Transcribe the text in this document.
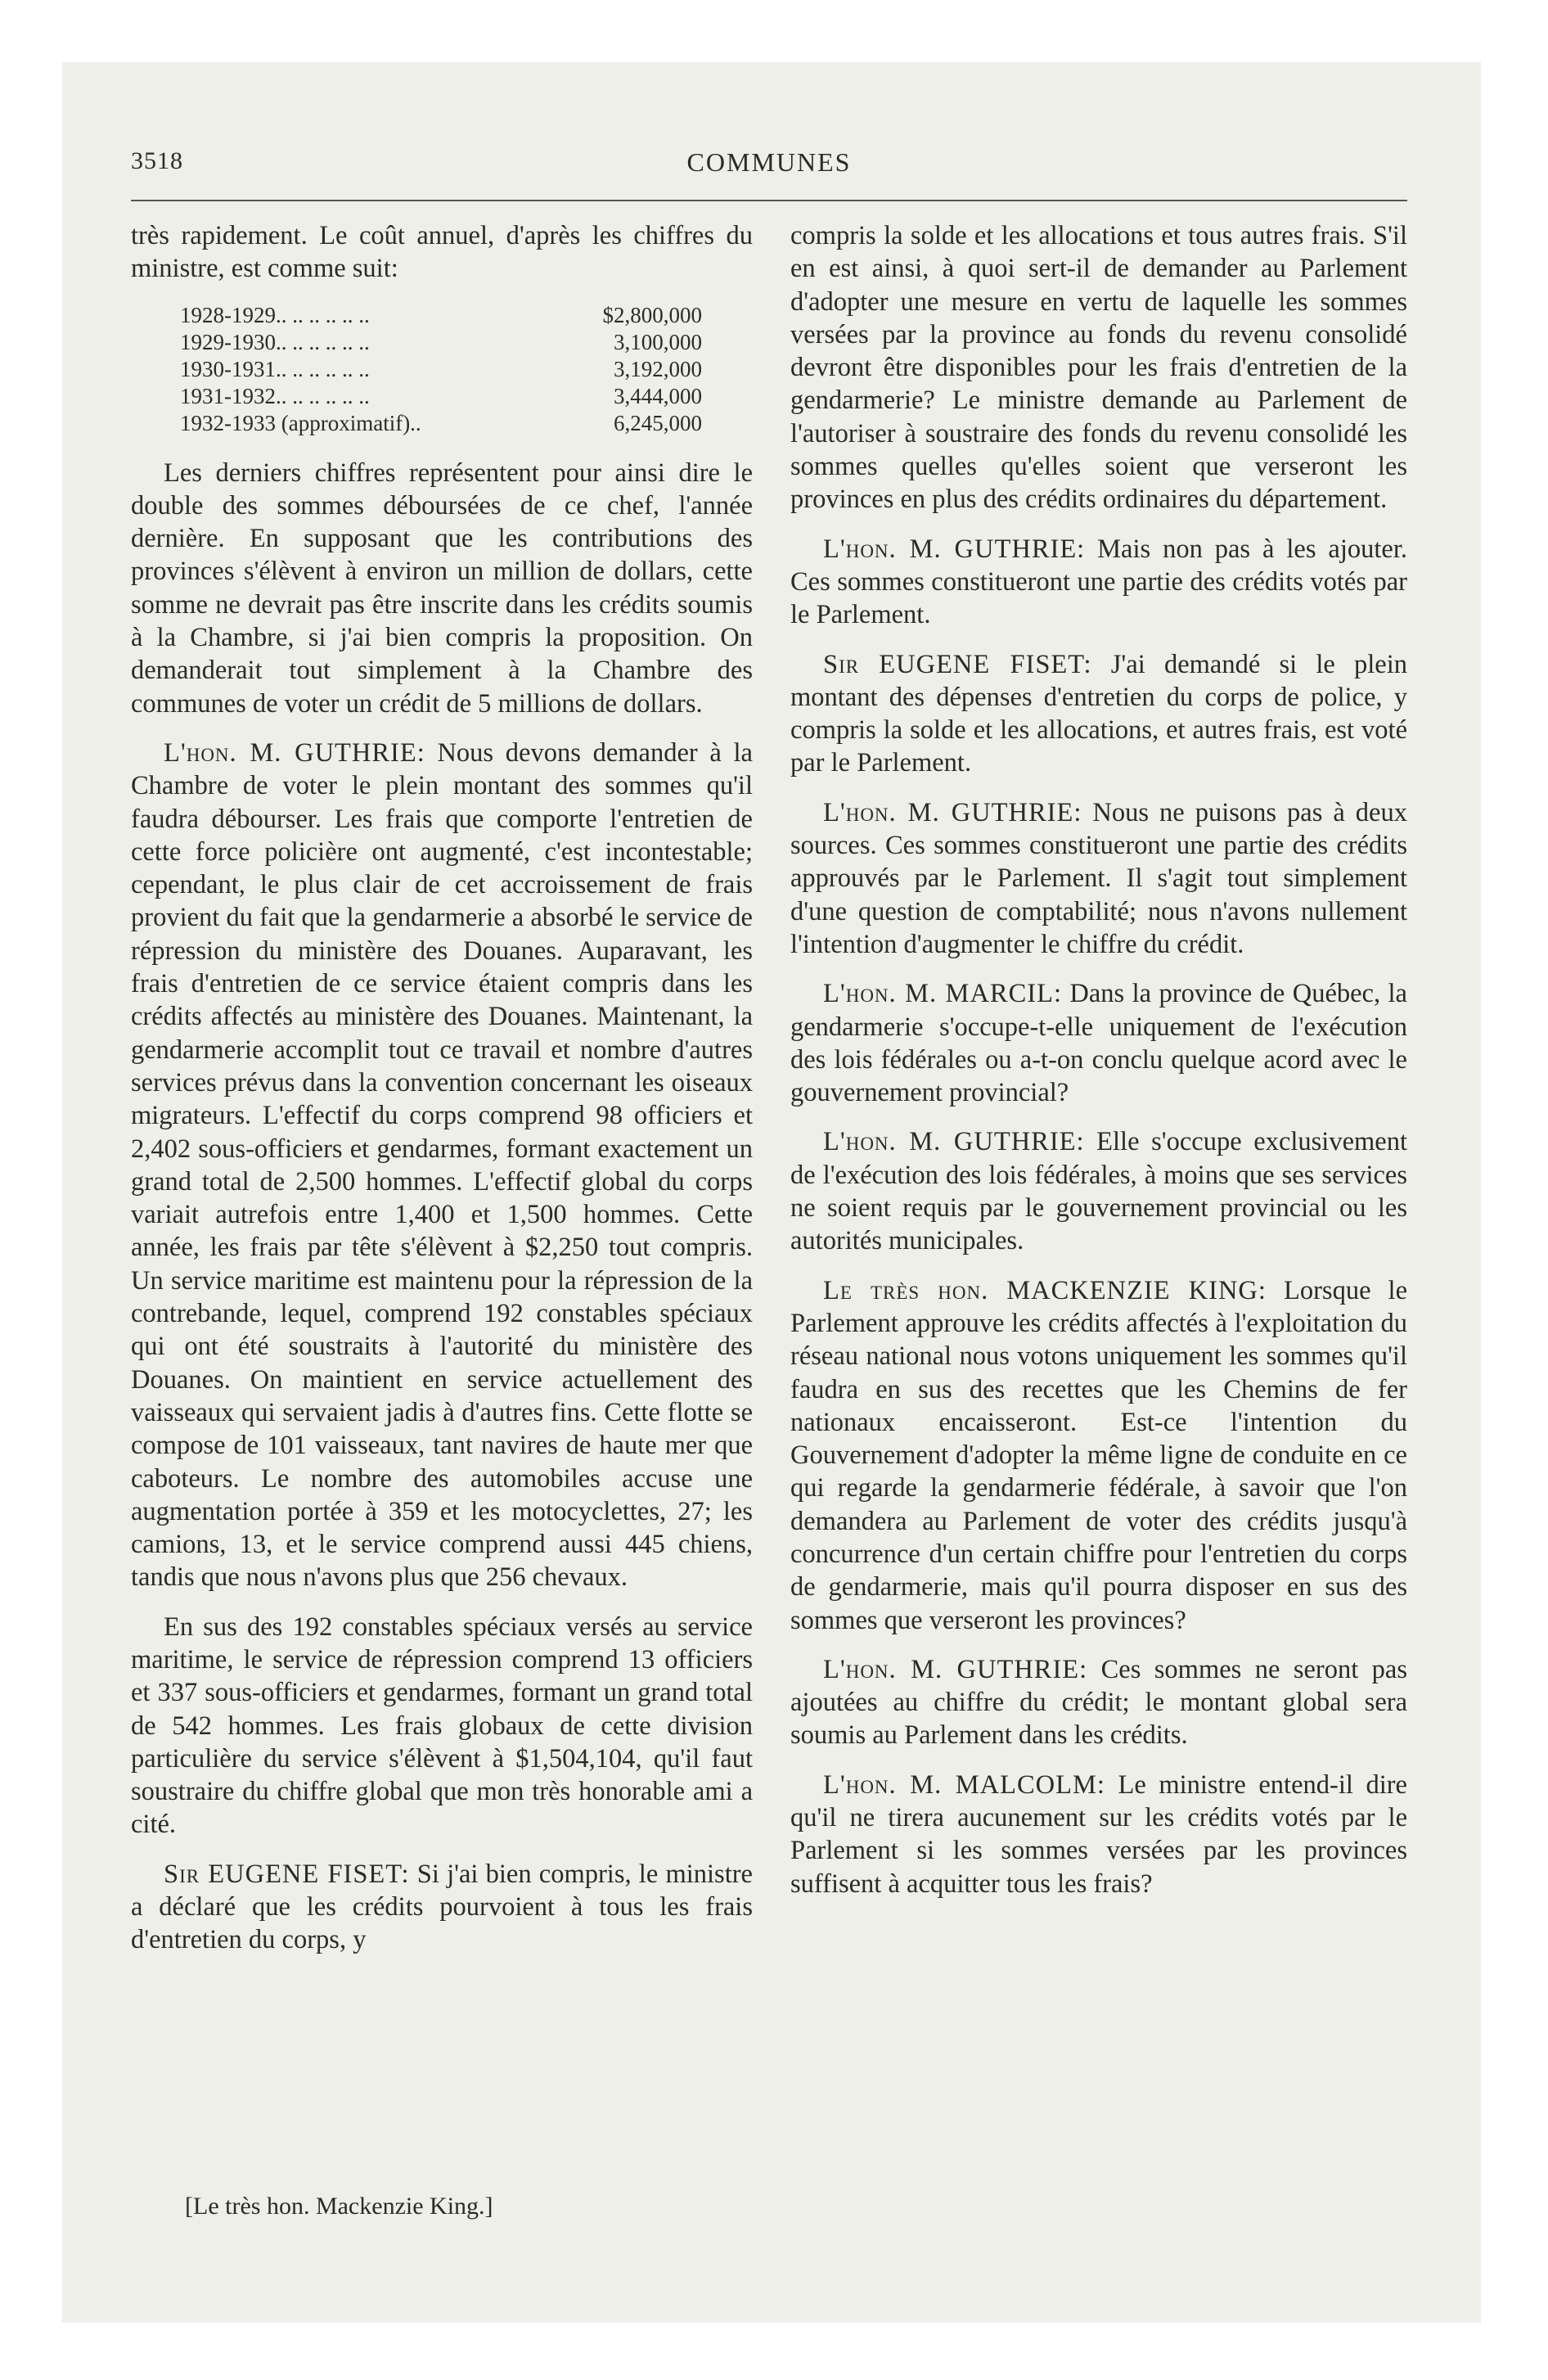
3518	COMMUNES

très rapidement. Le coût annuel, d'après les chiffres du ministre, est comme suit:

1928-1929.. .. .. .. .. ..	$2,800,000
1929-1930.. .. .. .. .. ..	3,100,000
1930-1931.. .. .. .. .. ..	3,192,000
1931-1932.. .. .. .. .. ..	3,444,000
1932-1933 (approximatif)..	6,245,000

Les derniers chiffres représentent pour ainsi dire le double des sommes déboursées de ce chef, l'année dernière. En supposant que les contributions des provinces s'élèvent à environ un million de dollars, cette somme ne devrait pas être inscrite dans les crédits soumis à la Chambre, si j'ai bien compris la proposition. On demanderait tout simplement à la Chambre des communes de voter un crédit de 5 millions de dollars.

L'hon. M. GUTHRIE: Nous devons demander à la Chambre de voter le plein montant des sommes qu'il faudra débourser. Les frais que comporte l'entretien de cette force policière ont augmenté, c'est incontestable; cependant, le plus clair de cet accroissement de frais provient du fait que la gendarmerie a absorbé le service de répression du ministère des Douanes. Auparavant, les frais d'entretien de ce service étaient compris dans les crédits affectés au ministère des Douanes. Maintenant, la gendarmerie accomplit tout ce travail et nombre d'autres services prévus dans la convention concernant les oiseaux migrateurs. L'effectif du corps comprend 98 officiers et 2,402 sous-officiers et gendarmes, formant exactement un grand total de 2,500 hommes. L'effectif global du corps variait autrefois entre 1,400 et 1,500 hommes. Cette année, les frais par tête s'élèvent à $2,250 tout compris. Un service maritime est maintenu pour la répression de la contrebande, lequel, comprend 192 constables spéciaux qui ont été soustraits à l'autorité du ministère des Douanes. On maintient en service actuellement des vaisseaux qui servaient jadis à d'autres fins. Cette flotte se compose de 101 vaisseaux, tant navires de haute mer que caboteurs. Le nombre des automobiles accuse une augmentation portée à 359 et les motocyclettes, 27; les camions, 13, et le service comprend aussi 445 chiens, tandis que nous n'avons plus que 256 chevaux.

En sus des 192 constables spéciaux versés au service maritime, le service de répression comprend 13 officiers et 337 sous-officiers et gendarmes, formant un grand total de 542 hommes. Les frais globaux de cette division particulière du service s'élèvent à $1,504,104, qu'il faut soustraire du chiffre global que mon très honorable ami a cité.

Sir EUGENE FISET: Si j'ai bien compris, le ministre a déclaré que les crédits pourvoient à tous les frais d'entretien du corps, y

[Le très hon. Mackenzie King.]

compris la solde et les allocations et tous autres frais. S'il en est ainsi, à quoi sert-il de demander au Parlement d'adopter une mesure en vertu de laquelle les sommes versées par la province au fonds du revenu consolidé devront être disponibles pour les frais d'entretien de la gendarmerie? Le ministre demande au Parlement de l'autoriser à soustraire des fonds du revenu consolidé les sommes quelles qu'elles soient que verseront les provinces en plus des crédits ordinaires du département.

L'hon. M. GUTHRIE: Mais non pas à les ajouter. Ces sommes constitueront une partie des crédits votés par le Parlement.

Sir EUGENE FISET: J'ai demandé si le plein montant des dépenses d'entretien du corps de police, y compris la solde et les allocations, et autres frais, est voté par le Parlement.

L'hon. M. GUTHRIE: Nous ne puisons pas à deux sources. Ces sommes constitueront une partie des crédits approuvés par le Parlement. Il s'agit tout simplement d'une question de comptabilité; nous n'avons nullement l'intention d'augmenter le chiffre du crédit.

L'hon. M. MARCIL: Dans la province de Québec, la gendarmerie s'occupe-t-elle uniquement de l'exécution des lois fédérales ou a-t-on conclu quelque acord avec le gouvernement provincial?

L'hon. M. GUTHRIE: Elle s'occupe exclusivement de l'exécution des lois fédérales, à moins que ses services ne soient requis par le gouvernement provincial ou les autorités municipales.

Le très hon. MACKENZIE KING: Lorsque le Parlement approuve les crédits affectés à l'exploitation du réseau national nous votons uniquement les sommes qu'il faudra en sus des recettes que les Chemins de fer nationaux encaisseront. Est-ce l'intention du Gouvernement d'adopter la même ligne de conduite en ce qui regarde la gendarmerie fédérale, à savoir que l'on demandera au Parlement de voter des crédits jusqu'à concurrence d'un certain chiffre pour l'entretien du corps de gendarmerie, mais qu'il pourra disposer en sus des sommes que verseront les provinces?

L'hon. M. GUTHRIE: Ces sommes ne seront pas ajoutées au chiffre du crédit; le montant global sera soumis au Parlement dans les crédits.

L'hon. M. MALCOLM: Le ministre entend-il dire qu'il ne tirera aucunement sur les crédits votés par le Parlement si les sommes versées par les provinces suffisent à acquitter tous les frais?
